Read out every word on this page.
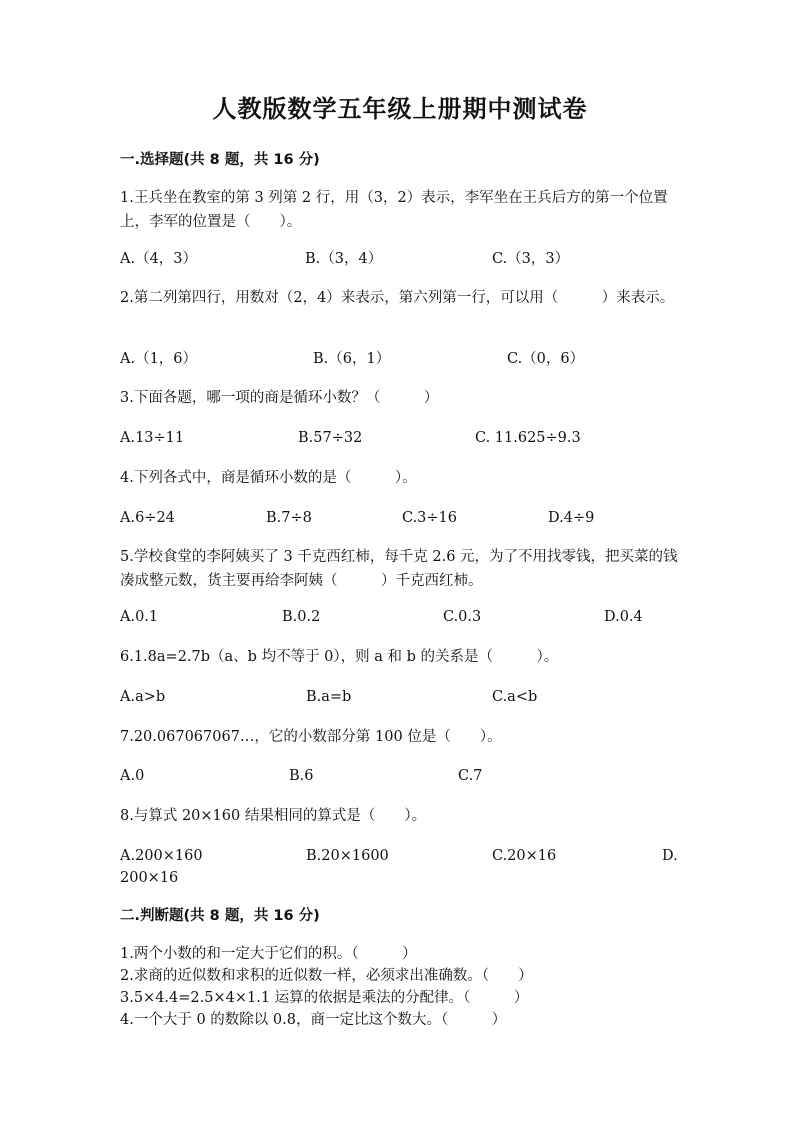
人教版数学五年级上册期中测试卷
一.选择题(共 8 题，共 16 分)
1.王兵坐在教室的第 3 列第 2 行，用（3，2）表示，李军坐在王兵后方的第一个位置上，李军的位置是（　　）。
A.（4，3）	B.（3，4）	C.（3，3）
2.第二列第四行，用数对（2，4）来表示，第六列第一行，可以用（　　　）来表示。
A.（1，6）	B.（6，1）	C.（0，6）
3.下面各题，哪一项的商是循环小数？（　　　）
A.13÷11	B.57÷32	C. 11.625÷9.3
4.下列各式中，商是循环小数的是（　　　）。
A.6÷24	B.7÷8	C.3÷16	D.4÷9
5.学校食堂的李阿姨买了 3 千克西红柿，每千克 2.6 元，为了不用找零钱，把买菜的钱凑成整元数，货主要再给李阿姨（　　　）千克西红柿。
A.0.1	B.0.2	C.0.3	D.0.4
6.1.8a=2.7b（a、b 均不等于 0），则 a 和 b 的关系是（　　　）。
A.a>b	B.a=b	C.a<b
7.20.067067067…，它的小数部分第 100 位是（　　）。
A.0	B.6	C.7
8.与算式 20×160 结果相同的算式是（　　）。
A.200×160	B.20×1600	C.20×16	D.
200×16
二.判断题(共 8 题，共 16 分)
1.两个小数的和一定大于它们的积。（　　　）
2.求商的近似数和求积的近似数一样，必须求出准确数。（　　）
3.5×4.4=2.5×4×1.1 运算的依据是乘法的分配律。（　　　）
4.一个大于 0 的数除以 0.8，商一定比这个数大。（　　　）
